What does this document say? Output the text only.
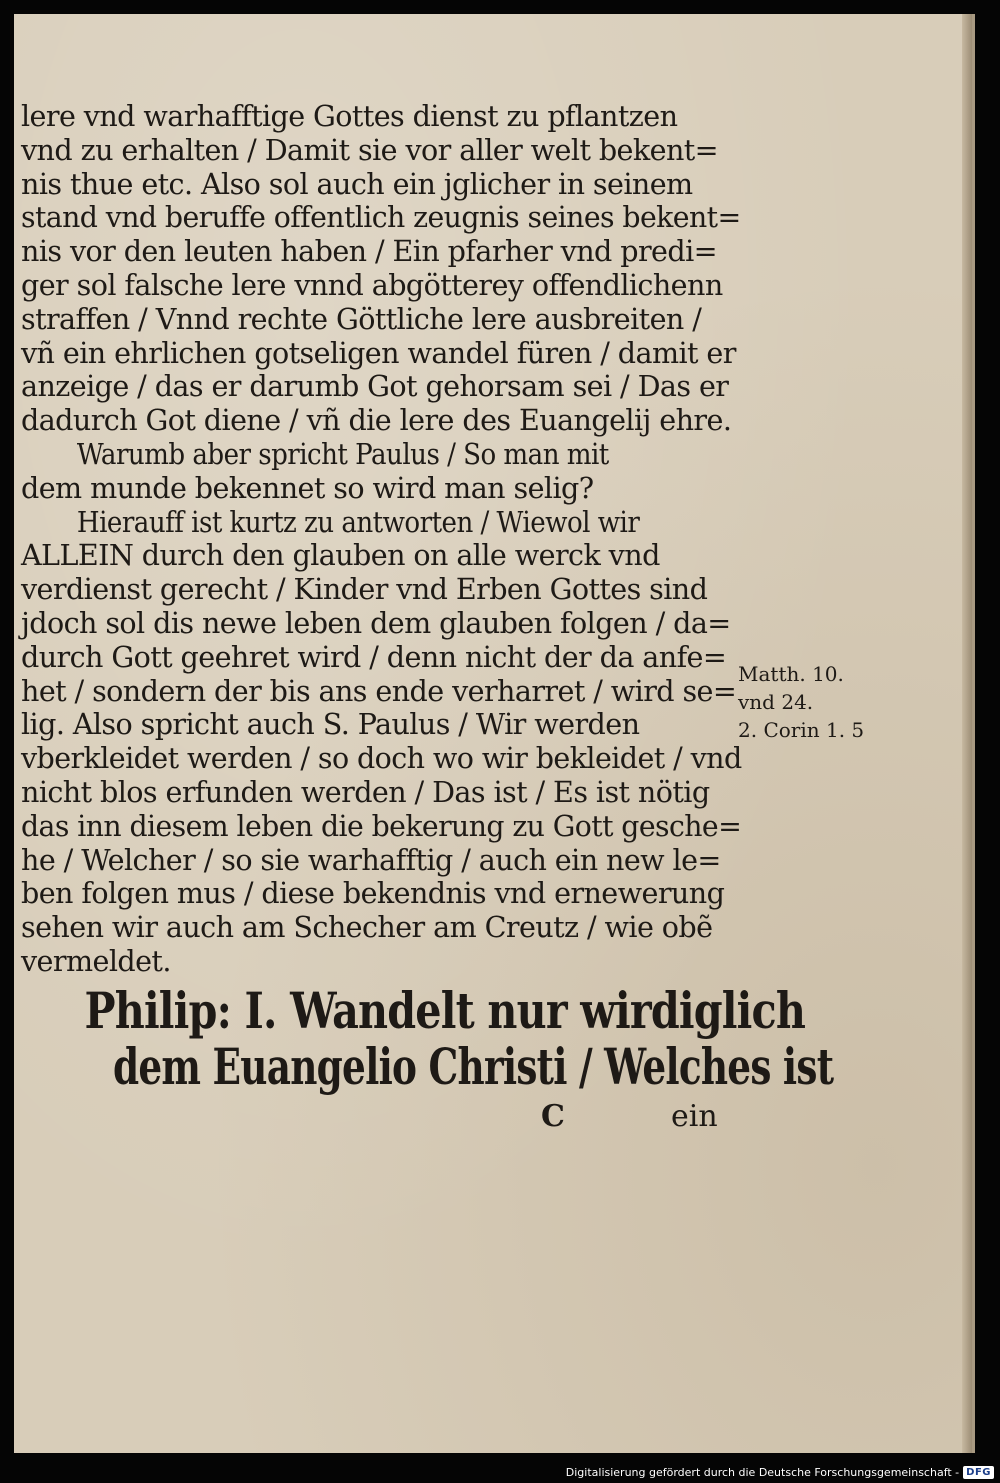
lere vnd warhafftige Gottes dienst zu pflantzen
vnd zu erhalten / Damit sie vor aller welt bekent=
nis thue etc. Also sol auch ein jglicher in seinem
stand vnd beruffe offentlich zeugnis seines bekent=
nis vor den leuten haben / Ein pfarher vnd predi=
ger sol falsche lere vnnd abgötterey offendlichenn
straffen / Vnnd rechte Göttliche lere ausbreiten /
vñ ein ehrlichen gotseligen wandel füren / damit er
anzeige / das er darumb Got gehorsam sei / Das er
dadurch Got diene / vñ die lere des Euangelij ehre.
Warumb aber spricht Paulus / So man mit
dem munde bekennet so wird man selig?
Hierauff ist kurtz zu antworten / Wiewol wir
ALLEIN durch den glauben on alle werck vnd
verdienst gerecht / Kinder vnd Erben Gottes sind
jdoch sol dis newe leben dem glauben folgen / da=
durch Gott geehret wird / denn nicht der da anfe=
het / sondern der bis ans ende verharret / wird se=
lig. Also spricht auch S. Paulus / Wir werden
vberkleidet werden / so doch wo wir bekleidet / vnd
nicht blos erfunden werden / Das ist / Es ist nötig
das inn diesem leben die bekerung zu Gott gesche=
he / Welcher / so sie warhafftig / auch ein new le=
ben folgen mus / diese bekendnis vnd ernewerung
sehen wir auch am Schecher am Creutz / wie obẽ
vermeldet.
Philip: I. Wandelt nur wirdiglich
dem Euangelio Christi / Welches ist
C	ein
Matth. 10.
vnd 24.
2. Corin 1. 5
Digitalisierung gefördert durch die Deutsche Forschungsgemeinschaft - DFG
